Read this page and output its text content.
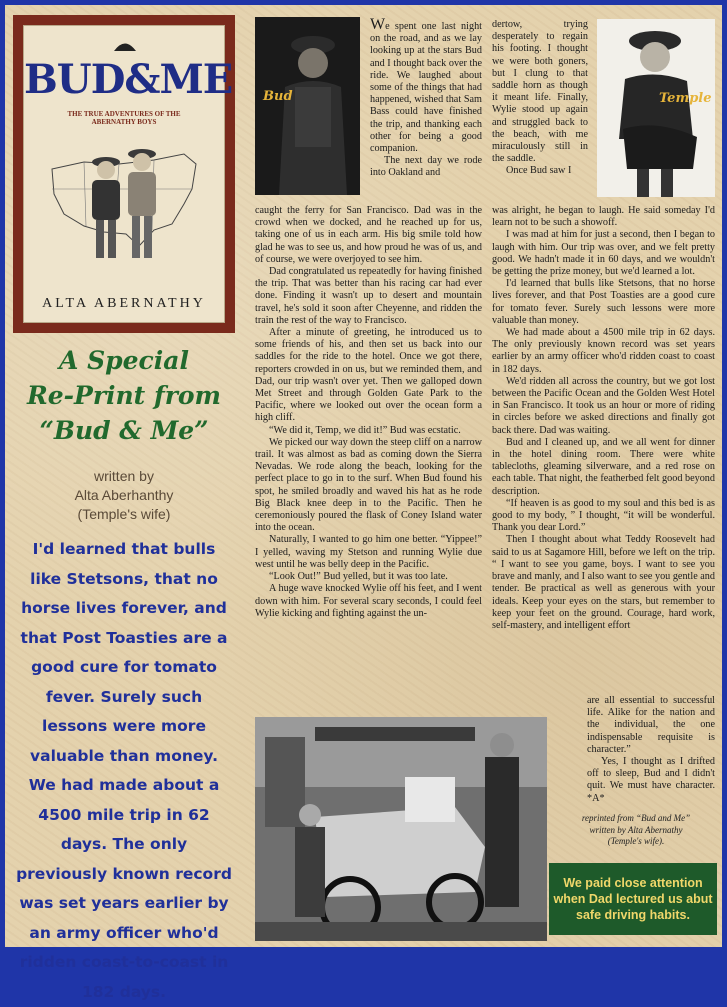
BUD&ME
THE TRUE ADVENTURES OF THE ABERNATHY BOYS
ALTA ABERNATHY
A Special
Re-Print from
“Bud & Me”
written by
Alta Aberhanthy
(Temple's wife)

I'd learned that bulls like Stetsons, that no horse lives forever, and that Post Toasties are a good cure for tomato fever. Surely such lessons were more valuable than money.

We had made about a 4500 mile trip in 62 days. The only previously known record was set years earlier by an army officer who'd ridden coast-to-coast in 182 days.

Bud	Temple

We spent one last night on the road, and as we lay looking up at the stars Bud and I thought back over the ride. We laughed about some of the things that had happened, wished that Sam Bass could have finished the trip, and thanking each other for being a good companion.

The next day we rode into Oakland and

caught the ferry for San Francisco. Dad was in the crowd when we docked, and he reached up for us, taking one of us in each arm. His big smile told how glad he was to see us, and how proud he was of us, and of course, we were overjoyed to see him.

Dad congratulated us repeatedly for having finished the trip. That was better than his racing car had ever done. Finding it wasn't up to desert and mountain travel, he's sold it soon after Cheyenne, and ridden the train the rest of the way to Francisco.

After a minute of greeting, he introduced us to some friends of his, and then set us back into our saddles for the ride to the hotel. Once we got there, reporters crowded in on us, but we reminded them, and Dad, our trip wasn't over yet. Then we galloped down Met Street and through Golden Gate Park to the Pacific, where we looked out over the ocean form a high cliff.

“We did it, Temp, we did it!” Bud was ecstatic.

We picked our way down the steep cliff on a narrow trail. It was almost as bad as coming down the Sierra Nevadas. We rode along the beach, looking for the perfect place to go in to the surf. When Bud found his spot, he smiled broadly and waved his hat as he rode Big Black knee deep in to the Pacific. Then he ceremoniously poured the flask of Coney Island water into the ocean.

Naturally, I wanted to go him one better. “Yippee!” I yelled, waving my Stetson and running Wylie due west until he was belly deep in the Pacific.

“Look Out!” Bud yelled, but it was too late.

A huge wave knocked Wylie off his feet, and I went down with him. For several scary seconds, I could feel Wylie kicking and fighting against the un-

dertow, trying desperately to regain his footing. I thought we were both goners, but I clung to that saddle horn as though it meant life. Finally, Wylie stood up again and struggled back to the beach, with me miraculously still in the saddle.

Once Bud saw I

was alright, he began to laugh. He said someday I'd learn not to be such a showoff.

I was mad at him for just a second, then I began to laugh with him. Our trip was over, and we felt pretty good. We hadn't made it in 60 days, and we wouldn't be getting the prize money, but we'd learned a lot.

I'd learned that bulls like Stetsons, that no horse lives forever, and that Post Toasties are a good cure for tomato fever. Surely such lessons were more valuable than money.

We had made about a 4500 mile trip in 62 days. The only previously known record was set years earlier by an army officer who'd ridden coast to coast in 182 days.

We'd ridden all across the country, but we got lost between the Pacific Ocean and the Golden West Hotel in San Francisco. It took us an hour or more of riding in circles before we asked directions and finally got back there. Dad was waiting.

Bud and I cleaned up, and we all went for dinner in the hotel dining room. There were white tablecloths, gleaming silverware, and a red rose on each table. That night, the featherbed felt good beyond description.

“If heaven is as good to my soul and this bed is as good to my body, ” I thought, “it will be wonderful. Thank you dear Lord.”

Then I thought about what Teddy Roosevelt had said to us at Sagamore Hill, before we left on the trip. “ I want to see you game, boys. I want to see you brave and manly, and I also want to see you gentle and tender. Be practical as well as generous with your ideals. Keep your eyes on the stars, but remember to keep your feet on the ground. Courage, hard work, self-mastery, and intelligent effort

are all essential to successful life. Alike for the nation and the individual, the one indispensable requisite is character.”

Yes, I thought as I drifted off to sleep, Bud and I didn't quit. We must have character. *A*

reprinted from “Bud and Me”
written by Alta Abernathy
(Temple's wife).
We paid close attention when Dad lectured us abut safe driving habits.
